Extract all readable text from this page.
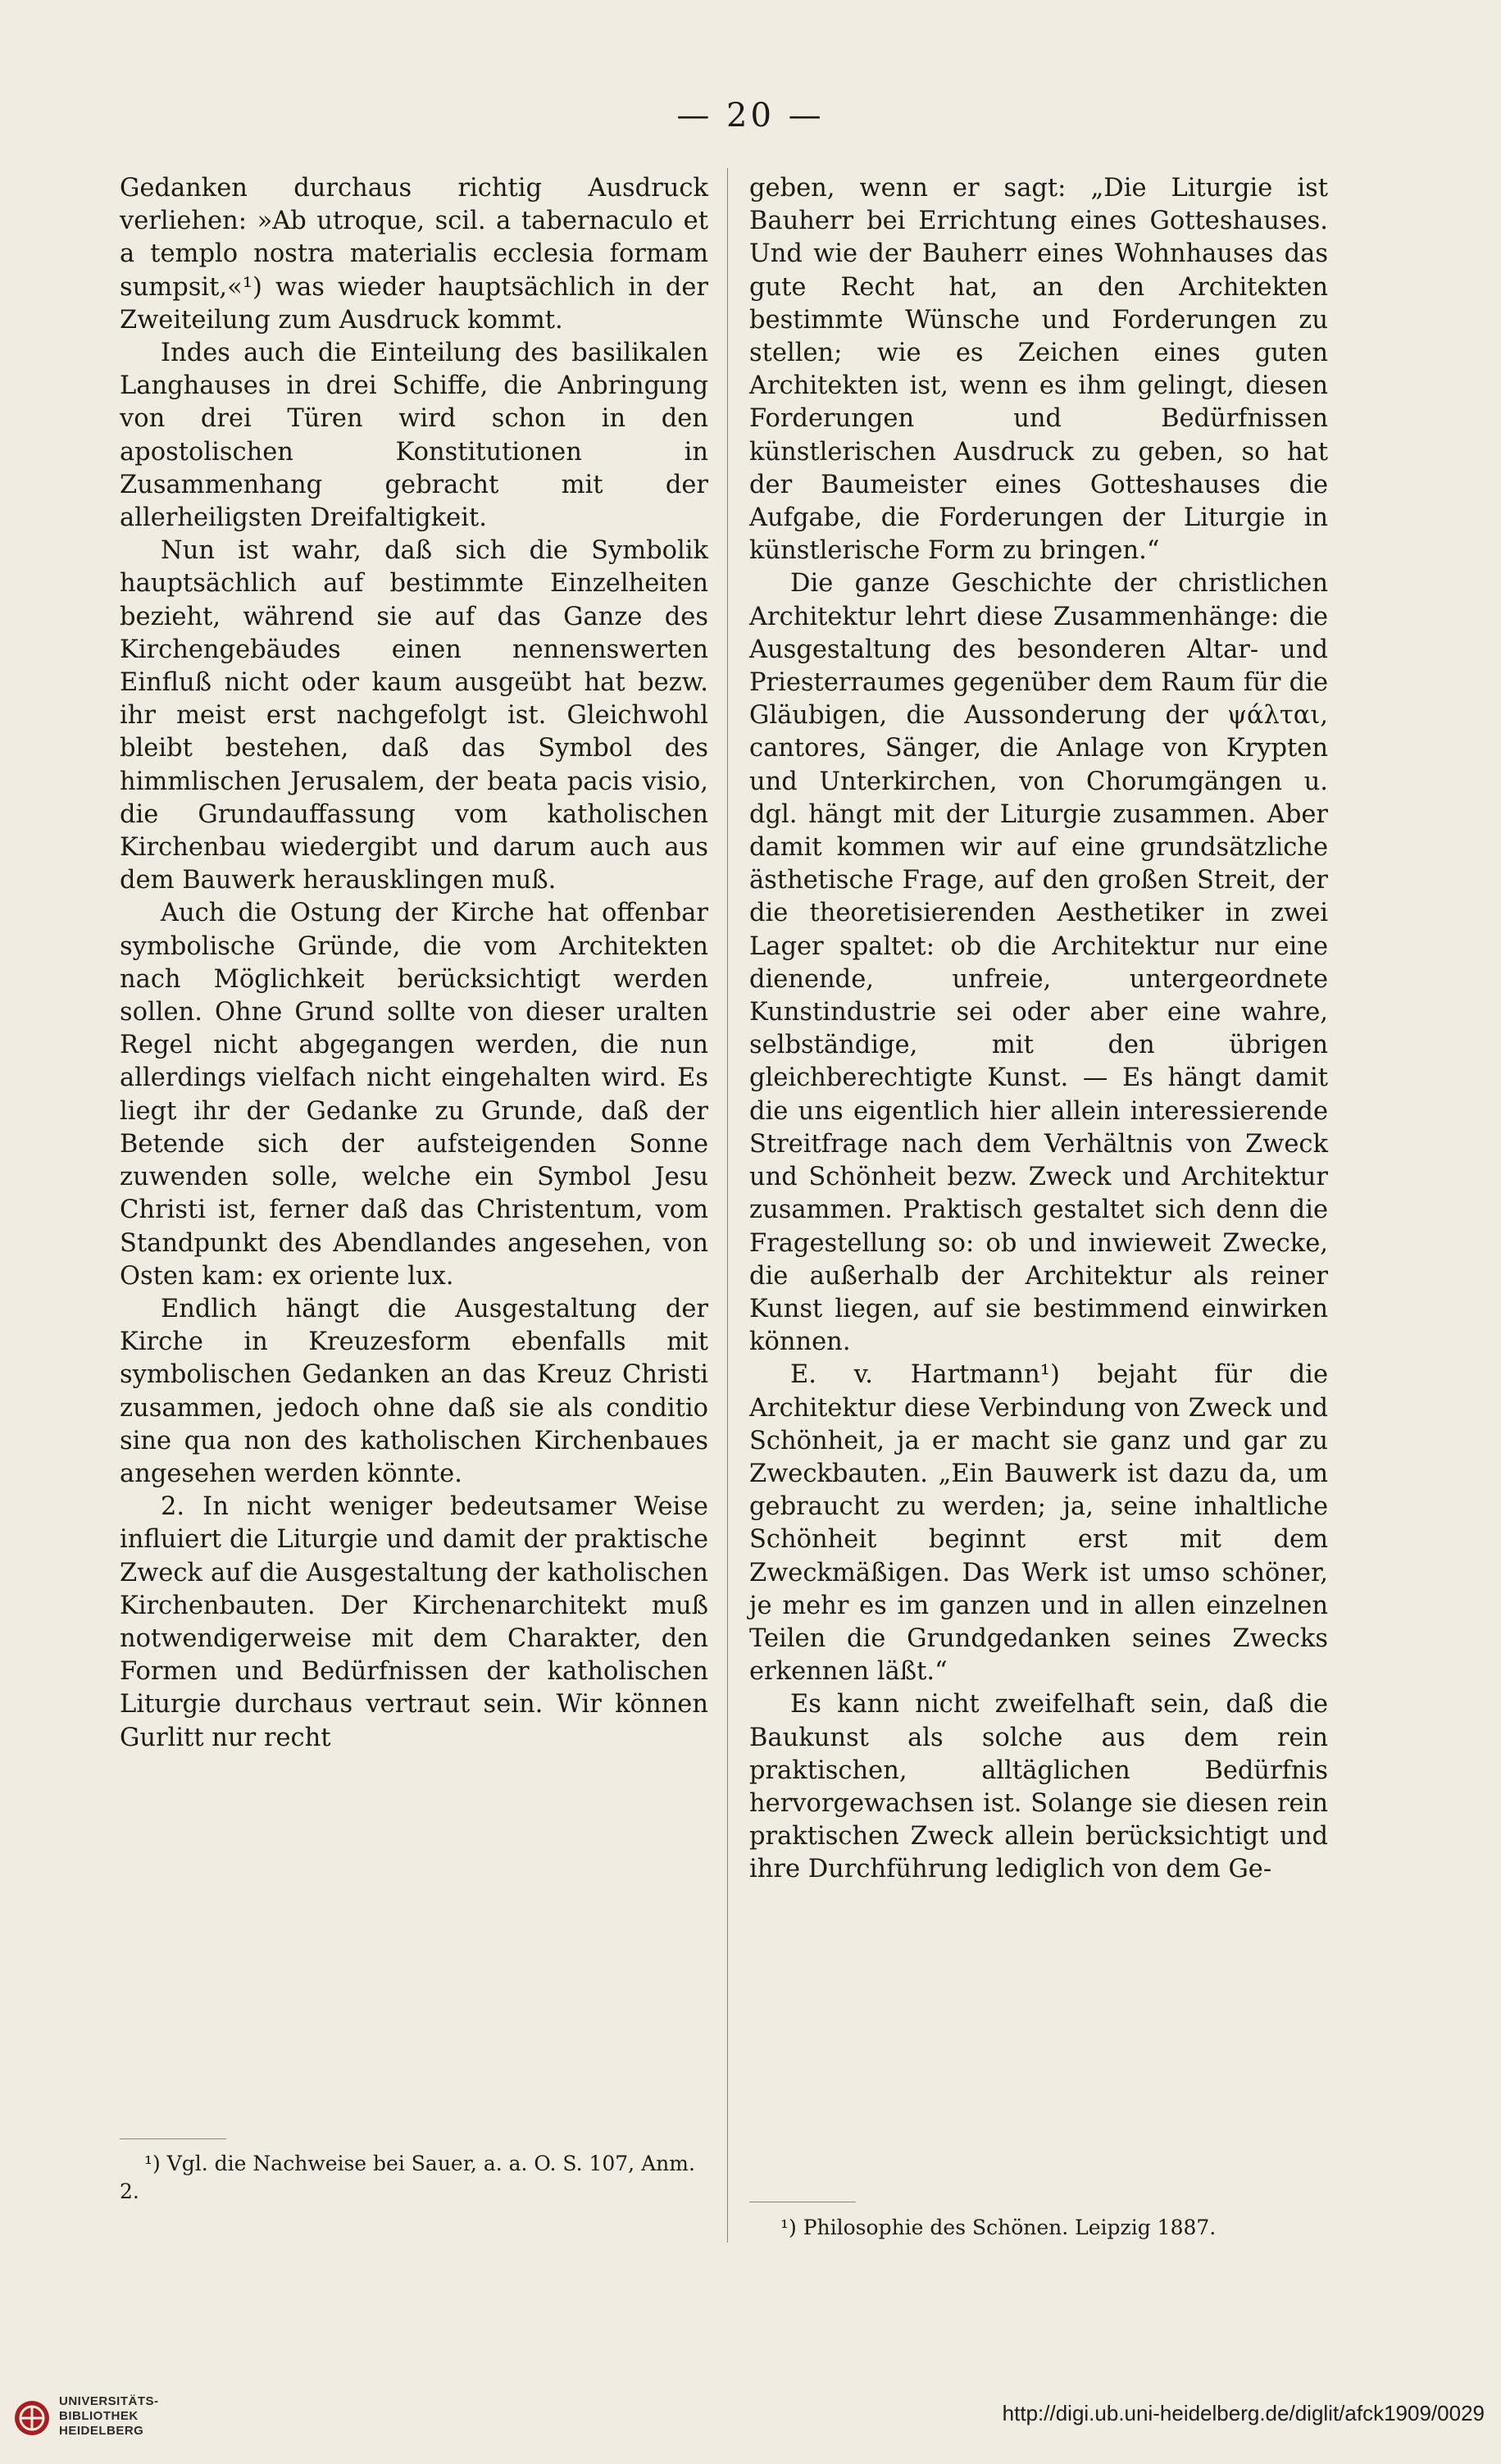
— 20 —

Gedanken durchaus richtig Ausdruck verliehen: »Ab utroque, scil. a tabernaculo et a templo nostra materialis ecclesia formam sumpsit,«¹) was wieder hauptsächlich in der Zweiteilung zum Ausdruck kommt.

Indes auch die Einteilung des basilikalen Langhauses in drei Schiffe, die Anbringung von drei Türen wird schon in den apostolischen Konstitutionen in Zusammenhang gebracht mit der allerheiligsten Dreifaltigkeit.

Nun ist wahr, daß sich die Symbolik hauptsächlich auf bestimmte Einzelheiten bezieht, während sie auf das Ganze des Kirchengebäudes einen nennenswerten Einfluß nicht oder kaum ausgeübt hat bezw. ihr meist erst nachgefolgt ist. Gleichwohl bleibt bestehen, daß das Symbol des himmlischen Jerusalem, der beata pacis visio, die Grundauffassung vom katholischen Kirchenbau wiedergibt und darum auch aus dem Bauwerk herausklingen muß.

Auch die Ostung der Kirche hat offenbar symbolische Gründe, die vom Architekten nach Möglichkeit berücksichtigt werden sollen. Ohne Grund sollte von dieser uralten Regel nicht abgegangen werden, die nun allerdings vielfach nicht eingehalten wird. Es liegt ihr der Gedanke zu Grunde, daß der Betende sich der aufsteigenden Sonne zuwenden solle, welche ein Symbol Jesu Christi ist, ferner daß das Christentum, vom Standpunkt des Abendlandes angesehen, von Osten kam: ex oriente lux.

Endlich hängt die Ausgestaltung der Kirche in Kreuzesform ebenfalls mit symbolischen Gedanken an das Kreuz Christi zusammen, jedoch ohne daß sie als conditio sine qua non des katholischen Kirchenbaues angesehen werden könnte.

2. In nicht weniger bedeutsamer Weise influiert die Liturgie und damit der praktische Zweck auf die Ausgestaltung der katholischen Kirchenbauten. Der Kirchenarchitekt muß notwendigerweise mit dem Charakter, den Formen und Bedürfnissen der katholischen Liturgie durchaus vertraut sein. Wir können Gurlitt nur recht

geben, wenn er sagt: „Die Liturgie ist Bauherr bei Errichtung eines Gotteshauses. Und wie der Bauherr eines Wohnhauses das gute Recht hat, an den Architekten bestimmte Wünsche und Forderungen zu stellen; wie es Zeichen eines guten Architekten ist, wenn es ihm gelingt, diesen Forderungen und Bedürfnissen künstlerischen Ausdruck zu geben, so hat der Baumeister eines Gotteshauses die Aufgabe, die Forderungen der Liturgie in künstlerische Form zu bringen.“

Die ganze Geschichte der christlichen Architektur lehrt diese Zusammenhänge: die Ausgestaltung des besonderen Altar- und Priesterraumes gegenüber dem Raum für die Gläubigen, die Aussonderung der ψάλται, cantores, Sänger, die Anlage von Krypten und Unterkirchen, von Chorumgängen u. dgl. hängt mit der Liturgie zusammen. Aber damit kommen wir auf eine grundsätzliche ästhetische Frage, auf den großen Streit, der die theoretisierenden Aesthetiker in zwei Lager spaltet: ob die Architektur nur eine dienende, unfreie, untergeordnete Kunstindustrie sei oder aber eine wahre, selbständige, mit den übrigen gleichberechtigte Kunst. — Es hängt damit die uns eigentlich hier allein interessierende Streitfrage nach dem Verhältnis von Zweck und Schönheit bezw. Zweck und Architektur zusammen. Praktisch gestaltet sich denn die Fragestellung so: ob und inwieweit Zwecke, die außerhalb der Architektur als reiner Kunst liegen, auf sie bestimmend einwirken können.

E. v. Hartmann¹) bejaht für die Architektur diese Verbindung von Zweck und Schönheit, ja er macht sie ganz und gar zu Zweckbauten. „Ein Bauwerk ist dazu da, um gebraucht zu werden; ja, seine inhaltliche Schönheit beginnt erst mit dem Zweckmäßigen. Das Werk ist umso schöner, je mehr es im ganzen und in allen einzelnen Teilen die Grundgedanken seines Zwecks erkennen läßt.“

Es kann nicht zweifelhaft sein, daß die Baukunst als solche aus dem rein praktischen, alltäglichen Bedürfnis hervorgewachsen ist. Solange sie diesen rein praktischen Zweck allein berücksichtigt und ihre Durchführung lediglich von dem Ge-

¹) Vgl. die Nachweise bei Sauer, a. a. O. S. 107, Anm. 2.
¹) Philosophie des Schönen. Leipzig 1887.
UNIVERSITÄTS-
BIBLIOTHEK
HEIDELBERG
http://digi.ub.uni-heidelberg.de/diglit/afck1909/0029
